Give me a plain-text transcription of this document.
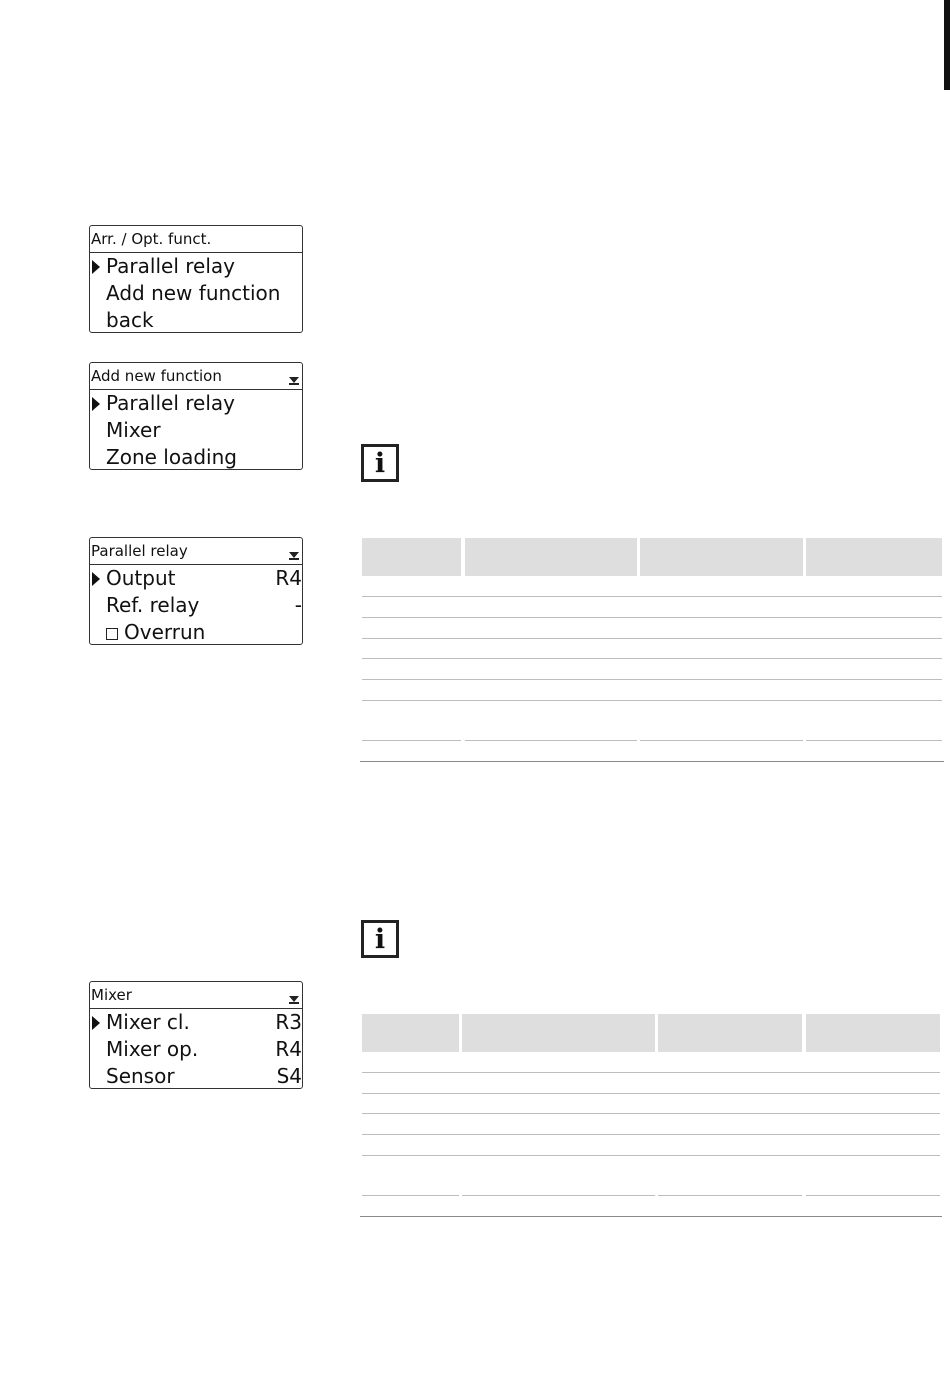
Arr. / Opt. funct.
Parallel relay
Add new function
back
Add new function
Parallel relay
Mixer
Zone loading
Parallel relay
Output	R4
Ref. relay	-
Overrun
Mixer
Mixer cl.	R3
Mixer op.	R4
Sensor	S4
i
i
